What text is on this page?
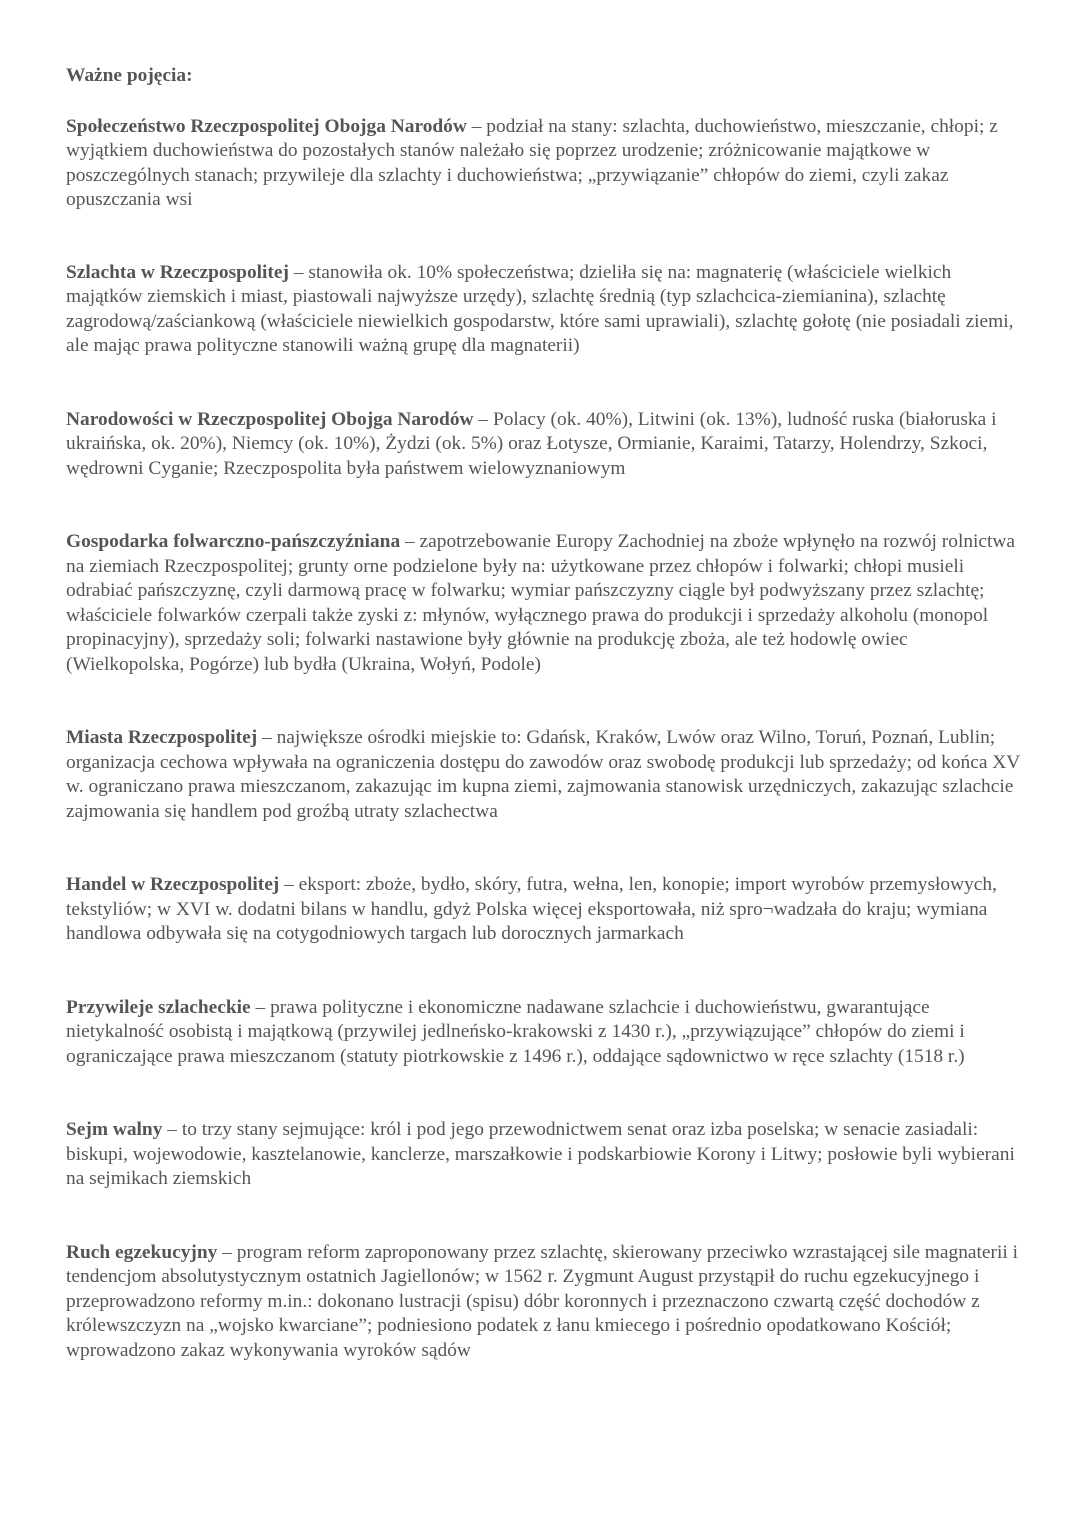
Ważne pojęcia:

Społeczeństwo Rzeczpospolitej Obojga Narodów – podział na stany: szlachta, duchowieństwo, mieszczanie, chłopi; z wyjątkiem duchowieństwa do pozostałych stanów należało się poprzez urodzenie; zróżnicowanie majątkowe w poszczególnych stanach; przywileje dla szlachty i duchowieństwa; „przywiązanie” chłopów do ziemi, czyli zakaz opuszczania wsi

Szlachta w Rzeczpospolitej – stanowiła ok. 10% społeczeństwa; dzieliła się na: magnaterię (właściciele wielkich majątków ziemskich i miast, piastowali najwyższe urzędy), szlachtę średnią (typ szlachcica-ziemianina), szlachtę zagrodową/zaściankową (właściciele niewielkich gospodarstw, które sami uprawiali), szlachtę gołotę (nie posiadali ziemi, ale mając prawa polityczne stanowili ważną grupę dla magnaterii)

Narodowości w Rzeczpospolitej Obojga Narodów – Polacy (ok. 40%), Litwini (ok. 13%), ludność ruska (białoruska i ukraińska, ok. 20%), Niemcy (ok. 10%), Żydzi (ok. 5%) oraz Łotysze, Ormianie, Karaimi, Tatarzy, Holendrzy, Szkoci, wędrowni Cyganie; Rzeczpospolita była państwem wielowyznaniowym

Gospodarka folwarczno-pańszczyźniana – zapotrzebowanie Europy Zachodniej na zboże wpłynęło na rozwój rolnictwa na ziemiach Rzeczpospolitej; grunty orne podzielone były na: użytkowane przez chłopów i folwarki; chłopi musieli odrabiać pańszczyznę, czyli darmową pracę w folwarku; wymiar pańszczyzny ciągle był podwyższany przez szlachtę; właściciele folwarków czerpali także zyski z: młynów, wyłącznego prawa do produkcji i sprzedaży alkoholu (monopol propinacyjny), sprzedaży soli; folwarki nastawione były głównie na produkcję zboża, ale też hodowlę owiec (Wielkopolska, Pogórze) lub bydła (Ukraina, Wołyń, Podole)

Miasta Rzeczpospolitej – największe ośrodki miejskie to: Gdańsk, Kraków, Lwów oraz Wilno, Toruń, Poznań, Lublin; organizacja cechowa wpływała na ograniczenia dostępu do zawodów oraz swobodę produkcji lub sprzedaży; od końca XV w. ograniczano prawa mieszczanom, zakazując im kupna ziemi, zajmowania stanowisk urzędniczych, zakazując szlachcie zajmowania się handlem pod groźbą utraty szlachectwa

Handel w Rzeczpospolitej – eksport: zboże, bydło, skóry, futra, wełna, len, konopie; import wyrobów przemysłowych, tekstyliów; w XVI w. dodatni bilans w handlu, gdyż Polska więcej eksportowała, niż spro¬wadzała do kraju; wymiana handlowa odbywała się na cotygodniowych targach lub dorocznych jarmarkach

Przywileje szlacheckie – prawa polityczne i ekonomiczne nadawane szlachcie i duchowieństwu, gwarantujące nietykalność osobistą i majątkową (przywilej jedlneńsko-krakowski z 1430 r.), „przywiązujące” chłopów do ziemi i ograniczające prawa mieszczanom (statuty piotrkowskie z 1496 r.), oddające sądownictwo w ręce szlachty (1518 r.)

Sejm walny – to trzy stany sejmujące: król i pod jego przewodnictwem senat oraz izba poselska; w senacie zasiadali: biskupi, wojewodowie, kasztelanowie, kanclerze, marszałkowie i podskarbiowie Korony i Litwy; posłowie byli wybierani na sejmikach ziemskich

Ruch egzekucyjny – program reform zaproponowany przez szlachtę, skierowany przeciwko wzrastającej sile magnaterii i tendencjom absolutystycznym ostatnich Jagiellonów; w 1562 r. Zygmunt August przystąpił do ruchu egzekucyjnego i przeprowadzono reformy m.in.: dokonano lustracji (spisu) dóbr koronnych i przeznaczono czwartą część dochodów z królewszczyzn na „wojsko kwarciane”; podniesiono podatek z łanu kmiecego i pośrednio opodatkowano Kościół; wprowadzono zakaz wykonywania wyroków sądów
